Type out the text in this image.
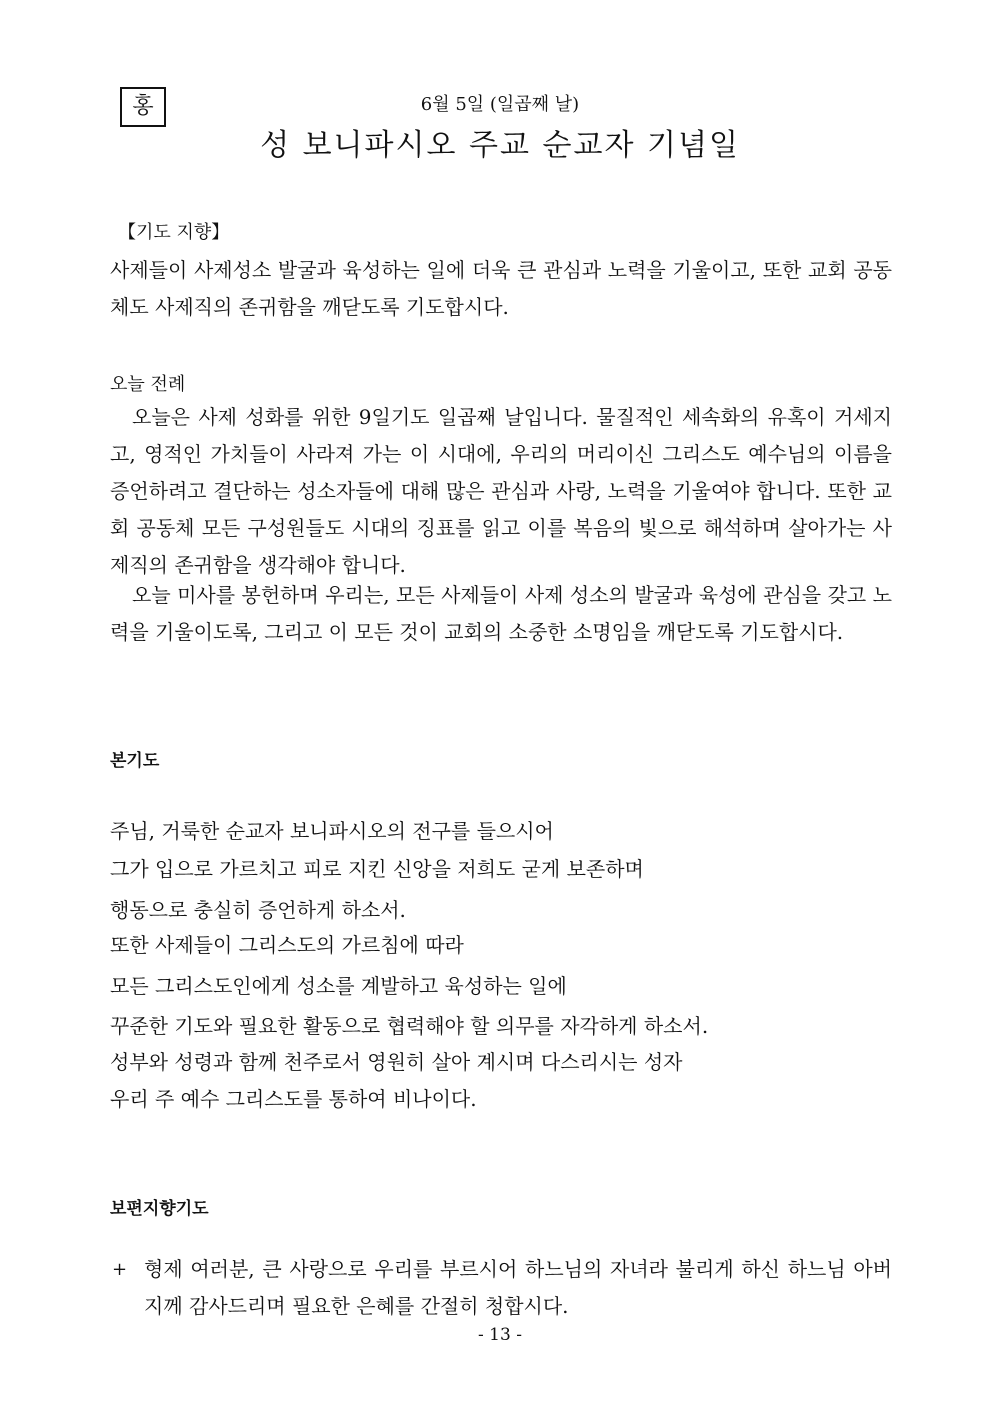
홍	6월 5일 (일곱째 날)
성 보니파시오 주교 순교자 기념일
【기도 지향】
사제들이 사제성소 발굴과 육성하는 일에 더욱 큰 관심과 노력을 기울이고, 또한 교회 공동체도 사제직의 존귀함을 깨닫도록 기도합시다.
오늘 전례
오늘은 사제 성화를 위한 9일기도 일곱째 날입니다. 물질적인 세속화의 유혹이 거세지고, 영적인 가치들이 사라져 가는 이 시대에, 우리의 머리이신 그리스도 예수님의 이름을 증언하려고 결단하는 성소자들에 대해 많은 관심과 사랑, 노력을 기울여야 합니다. 또한 교회 공동체 모든 구성원들도 시대의 징표를 읽고 이를 복음의 빛으로 해석하며 살아가는 사제직의 존귀함을 생각해야 합니다.
오늘 미사를 봉헌하며 우리는, 모든 사제들이 사제 성소의 발굴과 육성에 관심을 갖고 노력을 기울이도록, 그리고 이 모든 것이 교회의 소중한 소명임을 깨닫도록 기도합시다.
본기도
주님, 거룩한 순교자 보니파시오의 전구를 들으시어
그가 입으로 가르치고 피로 지킨 신앙을 저희도 굳게 보존하며
행동으로 충실히 증언하게 하소서.
또한 사제들이 그리스도의 가르침에 따라
모든 그리스도인에게 성소를 계발하고 육성하는 일에
꾸준한 기도와 필요한 활동으로 협력해야 할 의무를 자각하게 하소서.
성부와 성령과 함께 천주로서 영원히 살아 계시며 다스리시는 성자
우리 주 예수 그리스도를 통하여 비나이다.
보편지향기도
+ 형제 여러분, 큰 사랑으로 우리를 부르시어 하느님의 자녀라 불리게 하신 하느님 아버지께 감사드리며 필요한 은혜를 간절히 청합시다.
- 13 -
